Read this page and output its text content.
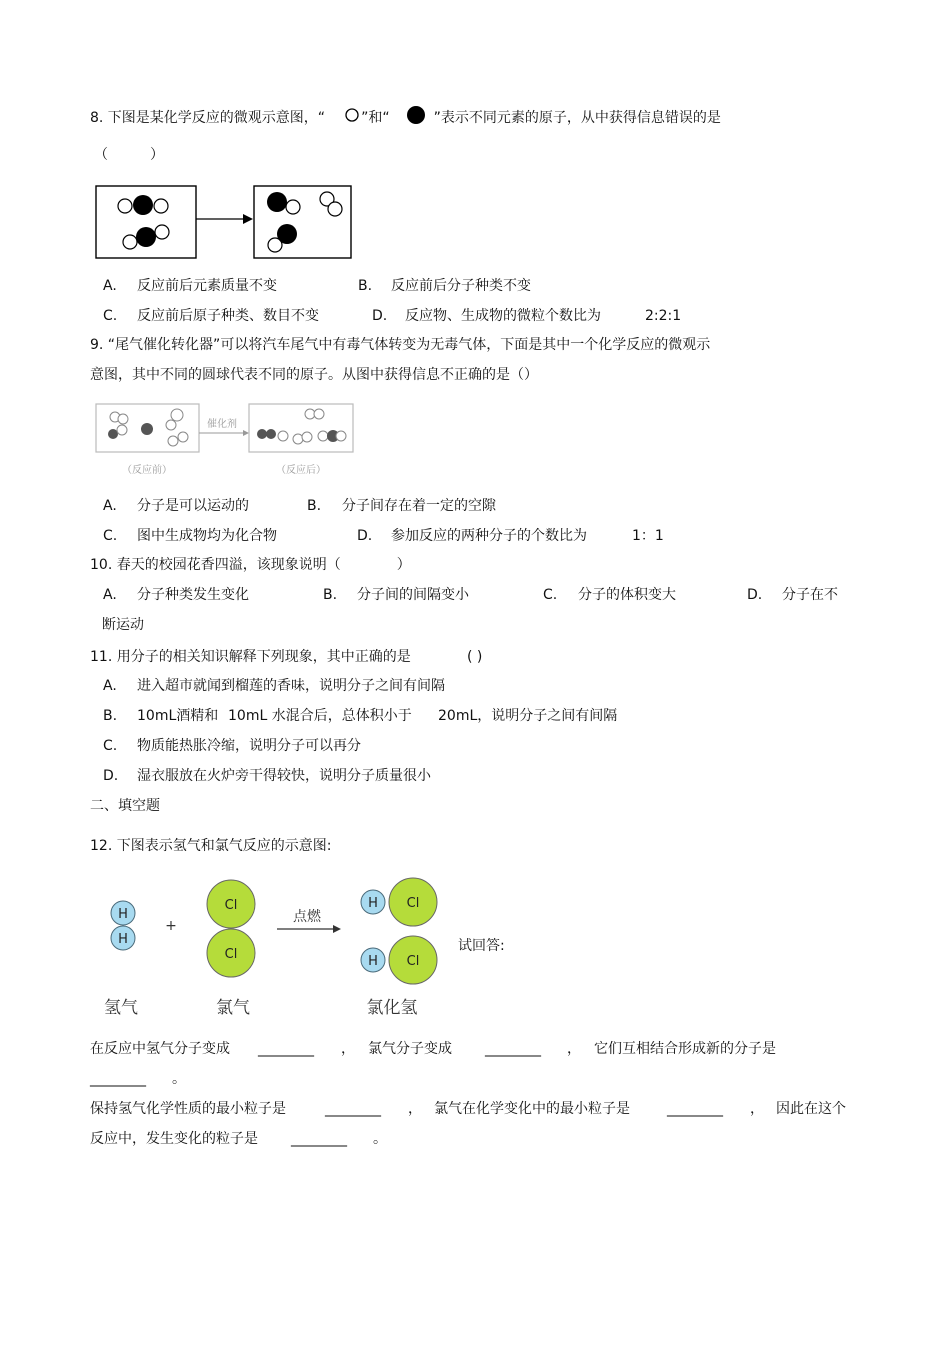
8. 下图是某化学反应的微观示意图，“	”和“	”表示不同元素的原子，从中获得信息错误的是
（　　　）
A. 反应前后元素质量不变	B. 反应前后分子种类不变
C. 反应前后原子种类、数目不变	D. 反应物、生成物的微粒个数比为	2:2:1
9. “尾气催化转化器”可以将汽车尾气中有毒气体转变为无毒气体，下面是其中一个化学反应的微观示
意图，其中不同的圆球代表不同的原子。从图中获得信息不正确的是（）
催化剂
（反应前）	（反应后）
A. 分子是可以运动的	B. 分子间存在着一定的空隙
C. 图中生成物均为化合物	D. 参加反应的两种分子的个数比为	1：1
10. 春天的校园花香四溢，该现象说明（　　　　）
A. 分子种类发生变化	B. 分子间的间隔变小	C. 分子的体积变大	D. 分子在不
断运动
11. 用分子的相关知识解释下列现象，其中正确的是	( )
A. 进入超市就闻到榴莲的香味，说明分子之间有间隔
B. 10mL酒精和 10mL 水混合后，总体积小于 20mL，说明分子之间有间隔
C. 物质能热胀冷缩，说明分子可以再分
D. 湿衣服放在火炉旁干得较快，说明分子质量很小
二、填空题
12. 下图表示氢气和氯气反应的示意图:
H
H
+
Cl
Cl
点燃
H Cl
H Cl
氢气	氯气	氯化氢
试回答:
在反应中氢气分子变成 ________ ， 氯气分子变成 ________ ， 它们互相结合形成新的分子是
________ 。
保持氢气化学性质的最小粒子是	________ ， 氯气在化学变化中的最小粒子是	________ ， 因此在这个
反应中，发生变化的粒子是 ________ 。
